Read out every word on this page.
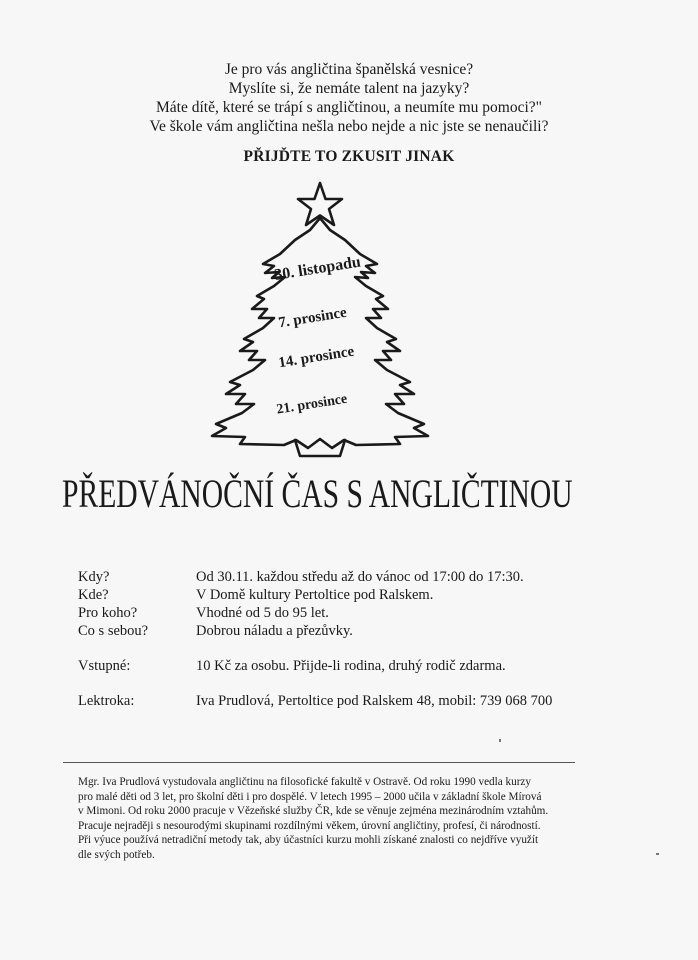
Je pro vás angličtina španělská vesnice?
Myslíte si, že nemáte talent na jazyky?
Máte dítě, které se trápí s angličtinou, a neumíte mu pomoci?"
Ve škole vám angličtina nešla nebo nejde a nic jste se nenaučili?
PŘIJĎTE TO ZKUSIT JINAK
30. listopadu
7. prosince
14. prosince
21. prosince
PŘEDVÁNOČNÍ ČAS S ANGLIČTINOU
Kdy?	Od 30.11. každou středu až do vánoc od 17:00 do 17:30.
Kde?	V Domě kultury Pertoltice pod Ralskem.
Pro koho?	Vhodné od 5 do 95 let.
Co s sebou?	Dobrou náladu a přezůvky.
Vstupné:	10 Kč za osobu. Přijde-li rodina, druhý rodič zdarma.
Lektroka:	Iva Prudlová, Pertoltice pod Ralskem 48, mobil: 739 068 700
Mgr. Iva Prudlová vystudovala angličtinu na filosofické fakultě v Ostravě. Od roku 1990 vedla kurzy
pro malé děti od 3 let, pro školní děti i pro dospělé. V letech 1995 – 2000 učila v základní škole Mírová
v Mimoni. Od roku 2000 pracuje v Vězeňské služby ČR, kde se věnuje zejména mezinárodním vztahům.
Pracuje nejraději s nesourodými skupinami rozdílnými věkem, úrovní angličtiny, profesí, či národností.
Při výuce používá netradiční metody tak, aby účastníci kurzu mohli získané znalosti co nejdříve využít
dle svých potřeb.
